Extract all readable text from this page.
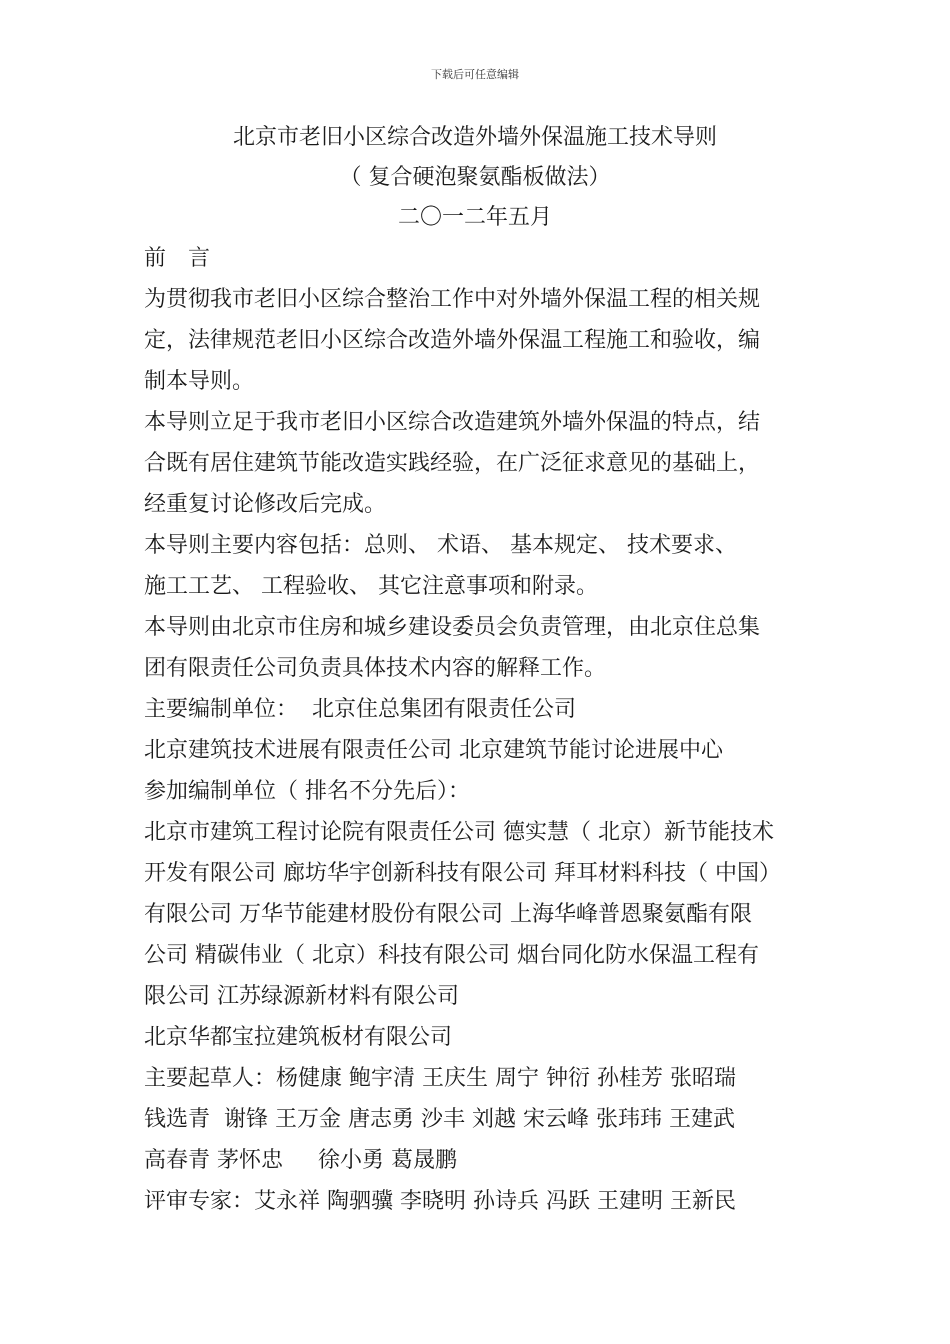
下载后可任意编辑
北京市老旧小区综合改造外墙外保温施工技术导则
（ 复合硬泡聚氨酯板做法）
二〇一二年五月
前　言
为贯彻我市老旧小区综合整治工作中对外墙外保温工程的相关规
定，法律规范老旧小区综合改造外墙外保温工程施工和验收，编
制本导则。
本导则立足于我市老旧小区综合改造建筑外墙外保温的特点，结
合既有居住建筑节能改造实践经验，在广泛征求意见的基础上，
经重复讨论修改后完成。
本导则主要内容包括：总则、 术语、 基本规定、 技术要求、
施工工艺、 工程验收、 其它注意事项和附录。
本导则由北京市住房和城乡建设委员会负责管理，由北京住总集
团有限责任公司负责具体技术内容的解释工作。
主要编制单位：  北京住总集团有限责任公司
北京建筑技术进展有限责任公司 北京建筑节能讨论进展中心
参加编制单位（ 排名不分先后）：
北京市建筑工程讨论院有限责任公司 德实慧（ 北京）新节能技术
开发有限公司 廊坊华宇创新科技有限公司 拜耳材料科技（ 中国）
有限公司 万华节能建材股份有限公司 上海华峰普恩聚氨酯有限
公司 精碳伟业（ 北京）科技有限公司 烟台同化防水保温工程有
限公司 江苏绿源新材料有限公司
北京华都宝拉建筑板材有限公司
主要起草人：杨健康 鲍宇清 王庆生 周宁 钟衍 孙桂芳 张昭瑞
钱选青  谢锋 王万金 唐志勇 沙丰 刘越 宋云峰 张玮玮 王建武
高春青 茅怀忠     徐小勇 葛晟鹏
评审专家：艾永祥 陶驷骥 李晓明 孙诗兵 冯跃 王建明 王新民
